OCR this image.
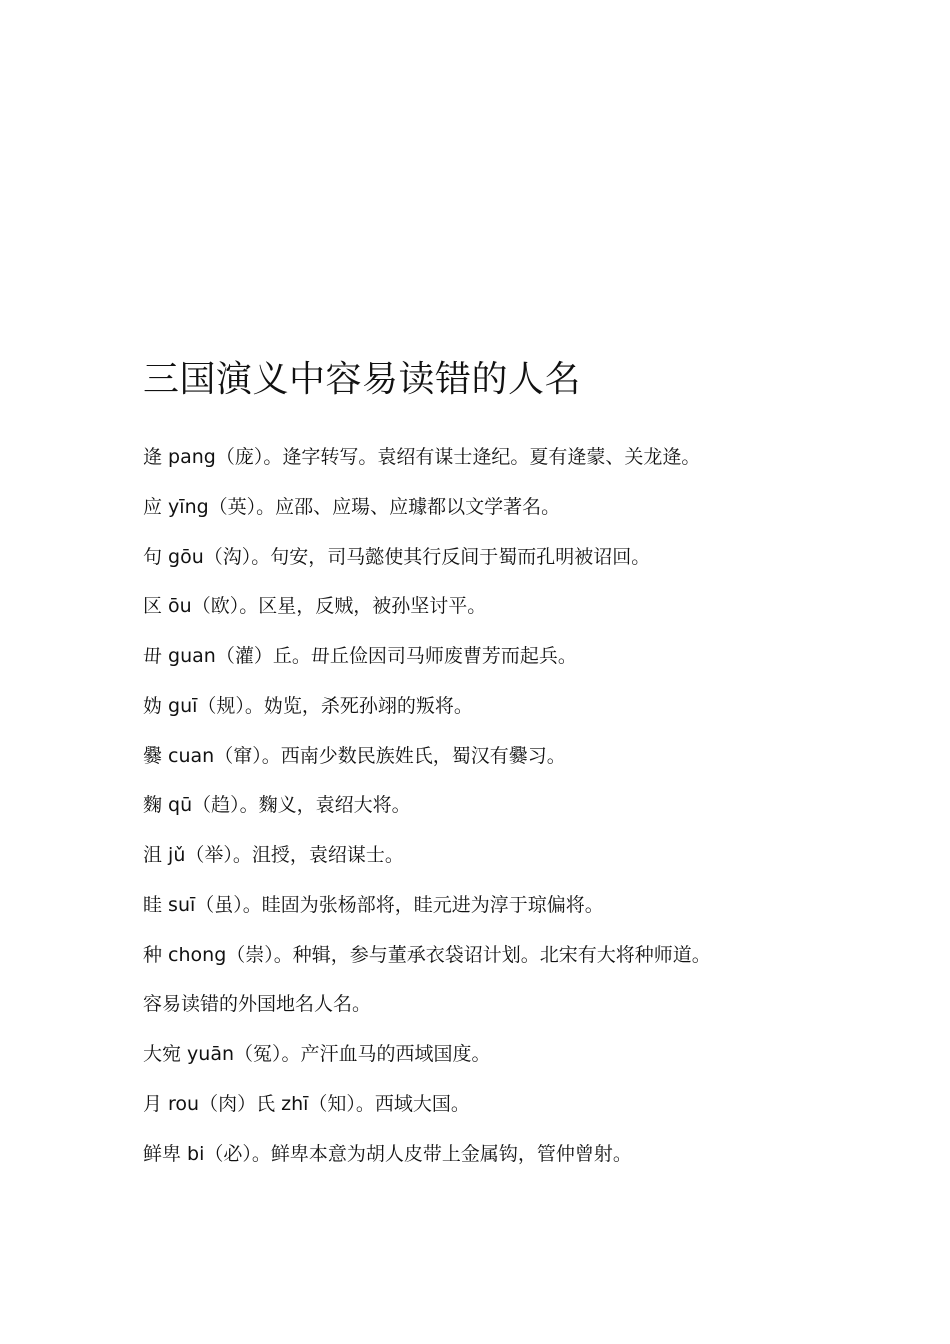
三国演义中容易读错的人名
逄 pang（庞）。逄字转写。袁绍有谋士逄纪。夏有逄蒙、关龙逄。
应 yīng（英）。应邵、应瑒、应璩都以文学著名。
句 gōu（沟）。句安，司马懿使其行反间于蜀而孔明被诏回。
区 ōu（欧）。区星，反贼，被孙坚讨平。
毌 guan（灌）丘。毌丘俭因司马师废曹芳而起兵。
妫 guī（规）。妫览，杀死孙翊的叛将。
爨 cuan（窜）。西南少数民族姓氏，蜀汉有爨习。
麴 qū（趋）。麴义，袁绍大将。
沮 jǔ（举）。沮授，袁绍谋士。
眭 suī（虽）。眭固为张杨部将，眭元进为淳于琼偏将。
种 chong（崇）。种辑，参与董承衣袋诏计划。北宋有大将种师道。
容易读错的外国地名人名。
大宛 yuān（冤）。产汗血马的西域国度。
月 rou（肉）氏 zhī（知）。西域大国。
鲜卑 bi（必）。鲜卑本意为胡人皮带上金属钩，管仲曾射。
